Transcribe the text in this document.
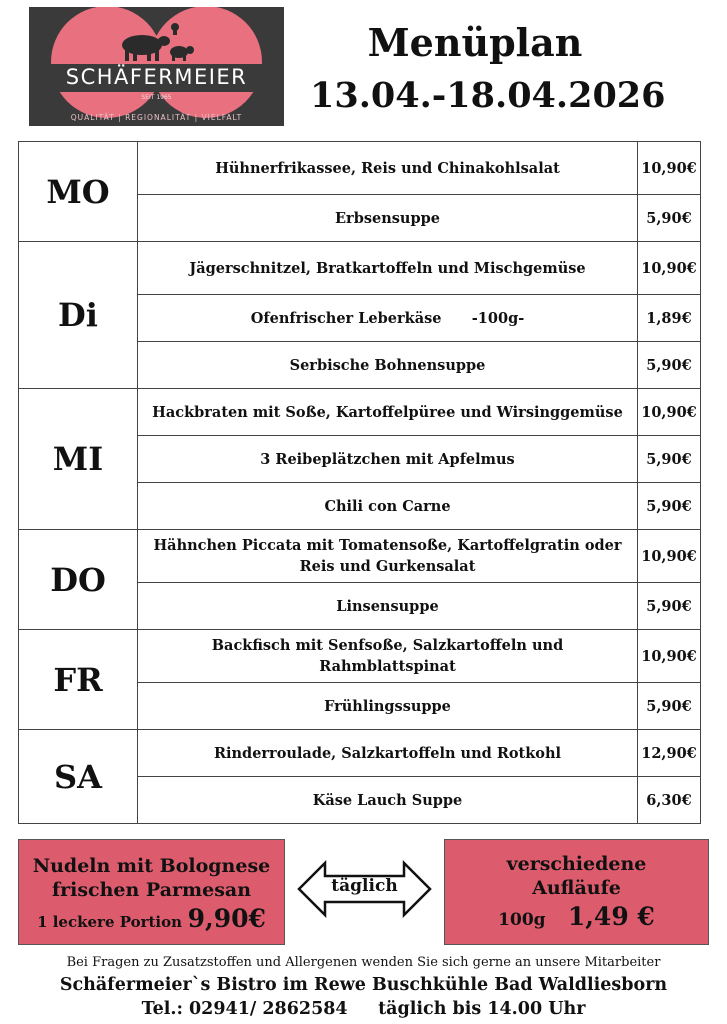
SCHÄFERMEIER
SEIT 1965
QUALITÄT | REGIONALITÄT | VIELFALT
Menüplan
13.04.-18.04.2026
MO	Hühnerfrikassee, Reis und Chinakohlsalat	10,90€
	Erbsensuppe	5,90€
Di	Jägerschnitzel, Bratkartoffeln und Mischgemüse	10,90€
	Ofenfrischer Leberkäse      -100g-	1,89€
	Serbische Bohnensuppe	5,90€
MI	Hackbraten mit Soße, Kartoffelpüree und Wirsinggemüse	10,90€
	3 Reibeplätzchen mit Apfelmus	5,90€
	Chili con Carne	5,90€
DO	Hähnchen Piccata mit Tomatensoße, Kartoffelgratin oder Reis und Gurkensalat	10,90€
	Linsensuppe	5,90€
FR	Backfisch mit Senfsoße, Salzkartoffeln und Rahmblattspinat	10,90€
	Frühlingssuppe	5,90€
SA	Rinderroulade, Salzkartoffeln und Rotkohl	12,90€
	Käse Lauch Suppe	6,30€
Nudeln mit Bolognese
frischen Parmesan
1 leckere Portion 9,90€
täglich
verschiedene
Aufläufe
100g 1,49 €
Bei Fragen zu Zusatzstoffen und Allergenen wenden Sie sich gerne an unsere Mitarbeiter
Schäfermeier`s Bistro im Rewe Buschkühle Bad Waldliesborn
Tel.: 02941/ 2862584 täglich bis 14.00 Uhr
